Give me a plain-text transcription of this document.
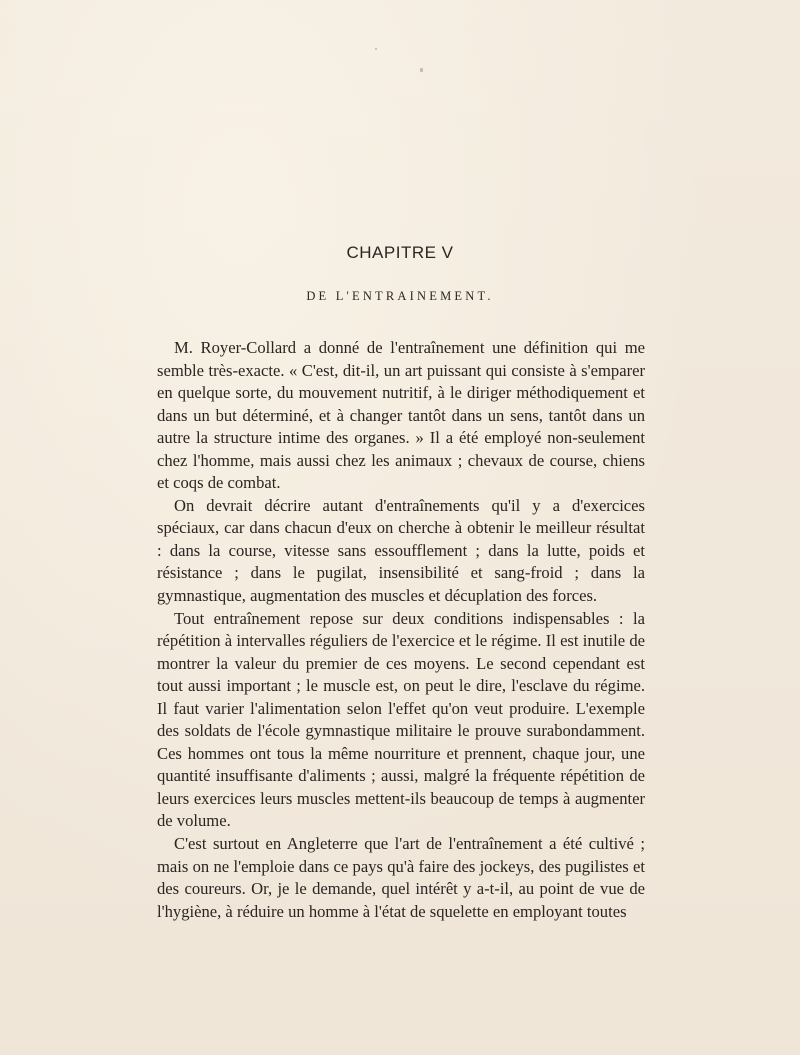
CHAPITRE V
DE L'ENTRAINEMENT.

M. Royer-Collard a donné de l'entraînement une définition qui me semble très-exacte. « C'est, dit-il, un art puissant qui consiste à s'emparer en quelque sorte, du mouvement nutritif, à le diriger méthodiquement et dans un but déterminé, et à changer tantôt dans un sens, tantôt dans un autre la structure intime des organes. » Il a été employé non-seulement chez l'homme, mais aussi chez les animaux ; chevaux de course, chiens et coqs de combat.

On devrait décrire autant d'entraînements qu'il y a d'exercices spéciaux, car dans chacun d'eux on cherche à obtenir le meilleur résultat : dans la course, vitesse sans essoufflement ; dans la lutte, poids et résistance ; dans le pugilat, insensibilité et sang-froid ; dans la gymnastique, augmentation des muscles et décuplation des forces.

Tout entraînement repose sur deux conditions indispensables : la répétition à intervalles réguliers de l'exercice et le régime. Il est inutile de montrer la valeur du premier de ces moyens. Le second cependant est tout aussi important ; le muscle est, on peut le dire, l'esclave du régime. Il faut varier l'alimentation selon l'effet qu'on veut produire. L'exemple des soldats de l'école gymnastique militaire le prouve surabondamment. Ces hommes ont tous la même nourriture et prennent, chaque jour, une quantité insuffisante d'aliments ; aussi, malgré la fréquente répétition de leurs exercices leurs muscles mettent-ils beaucoup de temps à augmenter de volume.

C'est surtout en Angleterre que l'art de l'entraînement a été cultivé ; mais on ne l'emploie dans ce pays qu'à faire des jockeys, des pugilistes et des coureurs. Or, je le demande, quel intérêt y a-t-il, au point de vue de l'hygiène, à réduire un homme à l'état de squelette en employant toutes
